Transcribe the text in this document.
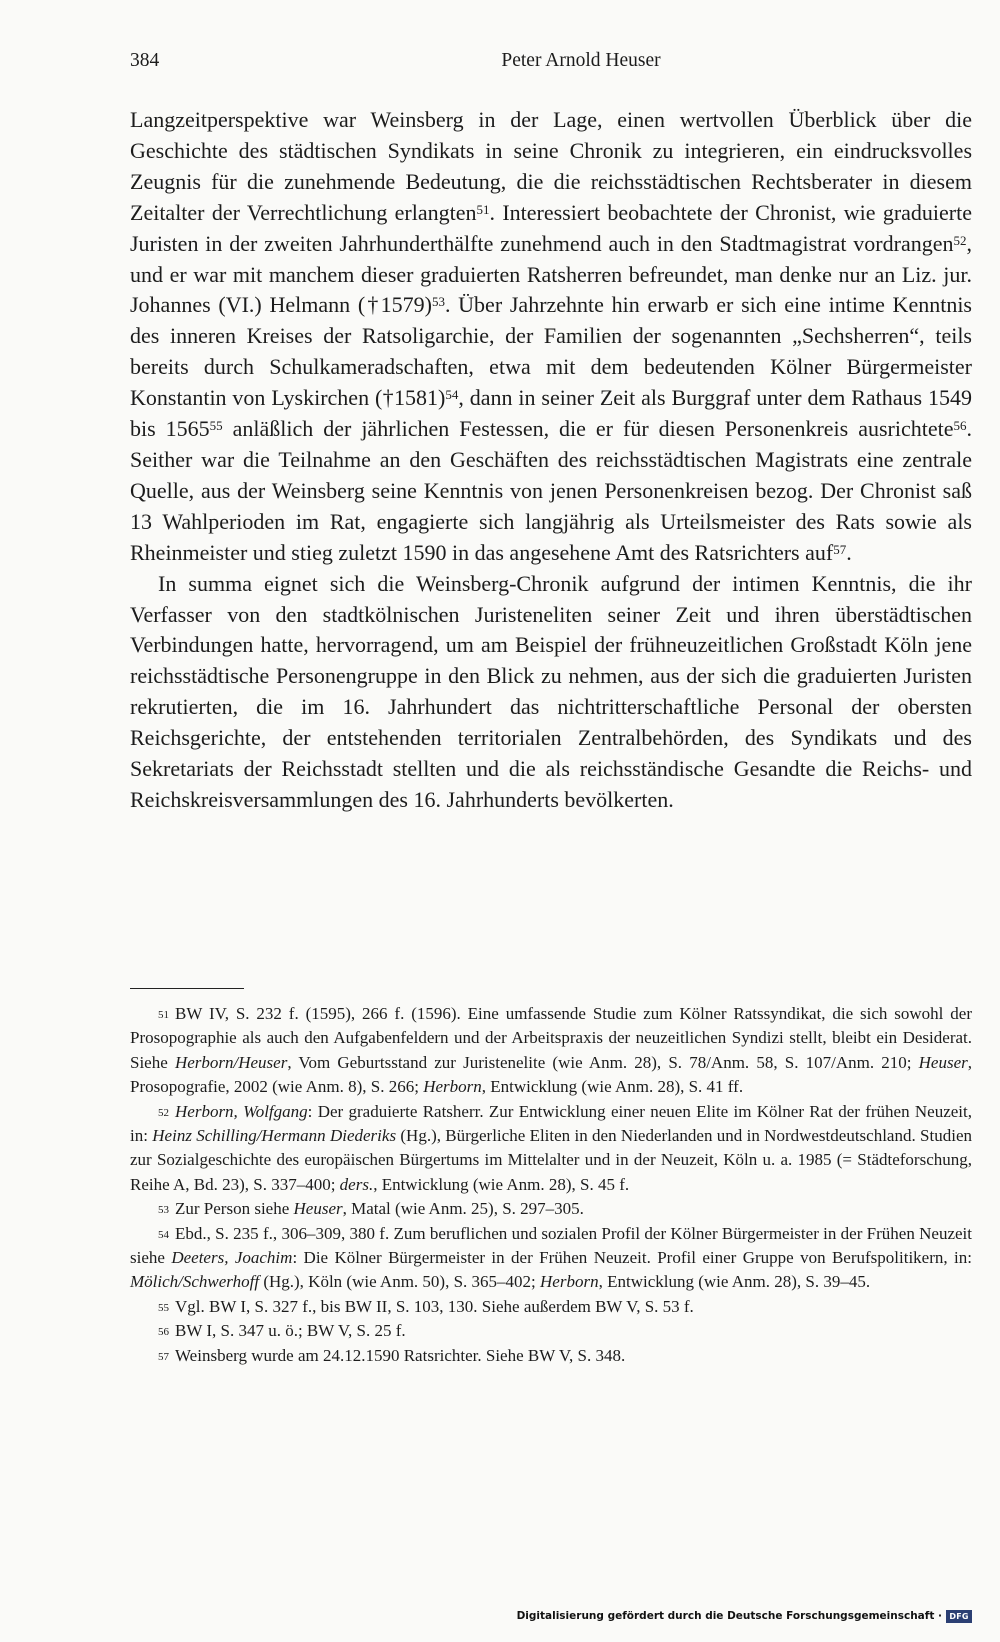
384	Peter Arnold Heuser

Langzeitperspektive war Weinsberg in der Lage, einen wertvollen Überblick über die Geschichte des städtischen Syndikats in seine Chronik zu integrieren, ein eindrucksvolles Zeugnis für die zunehmende Bedeutung, die die reichsstädtischen Rechtsberater in diesem Zeitalter der Verrechtlichung erlangten$^{51}$. Interessiert beobachtete der Chronist, wie graduierte Juristen in der zweiten Jahrhunderthälfte zunehmend auch in den Stadtmagistrat vordrangen$^{52}$, und er war mit manchem dieser graduierten Ratsherren befreundet, man denke nur an Liz. jur. Johannes (VI.) Helmann (†1579)$^{53}$. Über Jahrzehnte hin erwarb er sich eine intime Kenntnis des inneren Kreises der Ratsoligarchie, der Familien der sogenannten „Sechsherren“, teils bereits durch Schulkameradschaften, etwa mit dem bedeutenden Kölner Bürgermeister Konstantin von Lyskirchen (†1581)$^{54}$, dann in seiner Zeit als Burggraf unter dem Rathaus 1549 bis 1565$^{55}$ anläßlich der jährlichen Festessen, die er für diesen Personenkreis ausrichtete$^{56}$. Seither war die Teilnahme an den Geschäften des reichsstädtischen Magistrats eine zentrale Quelle, aus der Weinsberg seine Kenntnis von jenen Personenkreisen bezog. Der Chronist saß 13 Wahlperioden im Rat, engagierte sich langjährig als Urteilsmeister des Rats sowie als Rheinmeister und stieg zuletzt 1590 in das angesehene Amt des Ratsrichters auf$^{57}$.

In summa eignet sich die Weinsberg-Chronik aufgrund der intimen Kenntnis, die ihr Verfasser von den stadtkölnischen Juristeneliten seiner Zeit und ihren überstädtischen Verbindungen hatte, hervorragend, um am Beispiel der frühneuzeitlichen Großstadt Köln jene reichsstädtische Personengruppe in den Blick zu nehmen, aus der sich die graduierten Juristen rekrutierten, die im 16. Jahrhundert das nichtritterschaftliche Personal der obersten Reichsgerichte, der entstehenden territorialen Zentralbehörden, des Syndikats und des Sekretariats der Reichsstadt stellten und die als reichsständische Gesandte die Reichs- und Reichskreisversammlungen des 16. Jahrhunderts bevölkerten.

$^{51}$ BW IV, S. 232 f. (1595), 266 f. (1596). Eine umfassende Studie zum Kölner Ratssyndikat, die sich sowohl der Prosopographie als auch den Aufgabenfeldern und der Arbeitspraxis der neuzeitlichen Syndizi stellt, bleibt ein Desiderat. Siehe Herborn/Heuser, Vom Geburtsstand zur Juristenelite (wie Anm. 28), S. 78/Anm. 58, S. 107/Anm. 210; Heuser, Prosopografie, 2002 (wie Anm. 8), S. 266; Herborn, Entwicklung (wie Anm. 28), S. 41 ff.

$^{52}$ Herborn, Wolfgang: Der graduierte Ratsherr. Zur Entwicklung einer neuen Elite im Kölner Rat der frühen Neuzeit, in: Heinz Schilling/Hermann Diederiks (Hg.), Bürgerliche Eliten in den Niederlanden und in Nordwestdeutschland. Studien zur Sozialgeschichte des europäischen Bürgertums im Mittelalter und in der Neuzeit, Köln u. a. 1985 (= Städteforschung, Reihe A, Bd. 23), S. 337–400; ders., Entwicklung (wie Anm. 28), S. 45 f.

$^{53}$ Zur Person siehe Heuser, Matal (wie Anm. 25), S. 297–305.

$^{54}$ Ebd., S. 235 f., 306–309, 380 f. Zum beruflichen und sozialen Profil der Kölner Bürgermeister in der Frühen Neuzeit siehe Deeters, Joachim: Die Kölner Bürgermeister in der Frühen Neuzeit. Profil einer Gruppe von Berufspolitikern, in: Mölich/Schwerhoff (Hg.), Köln (wie Anm. 50), S. 365–402; Herborn, Entwicklung (wie Anm. 28), S. 39–45.

$^{55}$ Vgl. BW I, S. 327 f., bis BW II, S. 103, 130. Siehe außerdem BW V, S. 53 f.

$^{56}$ BW I, S. 347 u. ö.; BW V, S. 25 f.

$^{57}$ Weinsberg wurde am 24.12.1590 Ratsrichter. Siehe BW V, S. 348.

Digitalisierung gefördert durch die Deutsche Forschungsgemeinschaft · DFG
